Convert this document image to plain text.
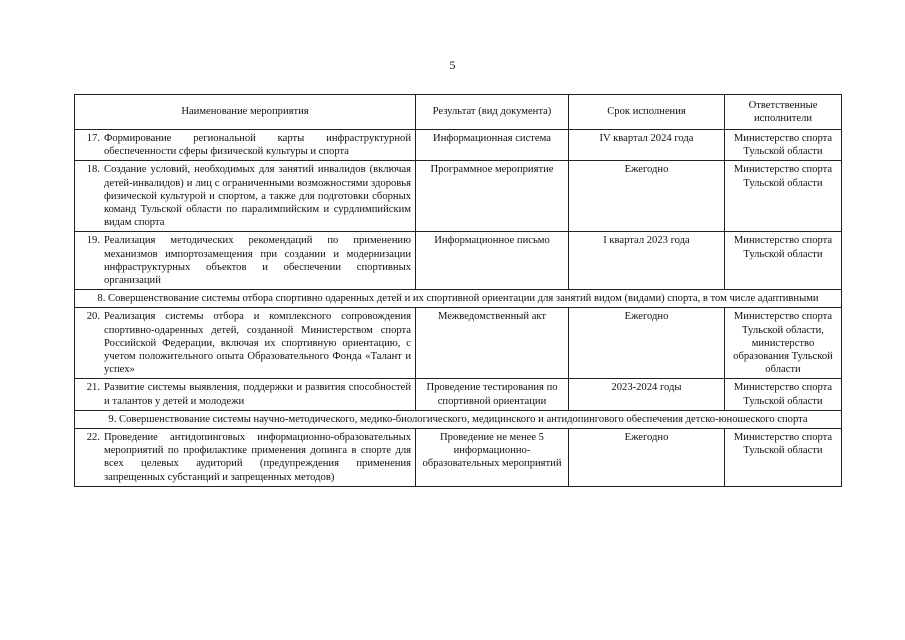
5
Наименование мероприятия	Результат (вид документа)	Срок исполнения	Ответственные исполнители

17. Формирование региональной карты инфраструктурной обеспеченности сферы физической культуры и спорта	Информационная система	IV квартал 2024 года	Министерство спорта Тульской области

18. Создание условий, необходимых для занятий инвалидов (включая детей-инвалидов) и лиц с ограниченными возможностями здоровья физической культурой и спортом, а также для подготовки сборных команд Тульской области по паралимпийским и сурдлимпийским видам спорта	Программное мероприятие	Ежегодно	Министерство спорта Тульской области

19. Реализация методических рекомендаций по применению механизмов импортозамещения при создании и модернизации инфраструктурных объектов и обеспечении спортивных организаций	Информационное письмо	I квартал 2023 года	Министерство спорта Тульской области
8. Совершенствование системы отбора спортивно одаренных детей и их спортивной ориентации для занятий видом (видами) спорта, в том числе адаптивными			

20. Реализация системы отбора и комплексного сопровождения спортивно-одаренных детей, созданной Министерством спорта Российской Федерации, включая их спортивную ориентацию, с учетом положительного опыта Образовательного Фонда «Талант и успех»	Межведомственный акт	Ежегодно	Министерство спорта Тульской области, министерство образования Тульской области

21. Развитие системы выявления, поддержки и развития способностей и талантов у детей и молодежи	Проведение тестирования по спортивной ориентации	2023-2024 годы	Министерство спорта Тульской области
9. Совершенствование системы научно-методического, медико-биологического, медицинского и антидопингового обеспечения детско-юношеского спорта			

22. Проведение антидопинговых информационно-образовательных мероприятий по профилактике применения допинга в спорте для всех целевых аудиторий (предупреждения применения запрещенных субстанций и запрещенных методов)	Проведение не менее 5 информационно-образовательных мероприятий	Ежегодно	Министерство спорта Тульской области
